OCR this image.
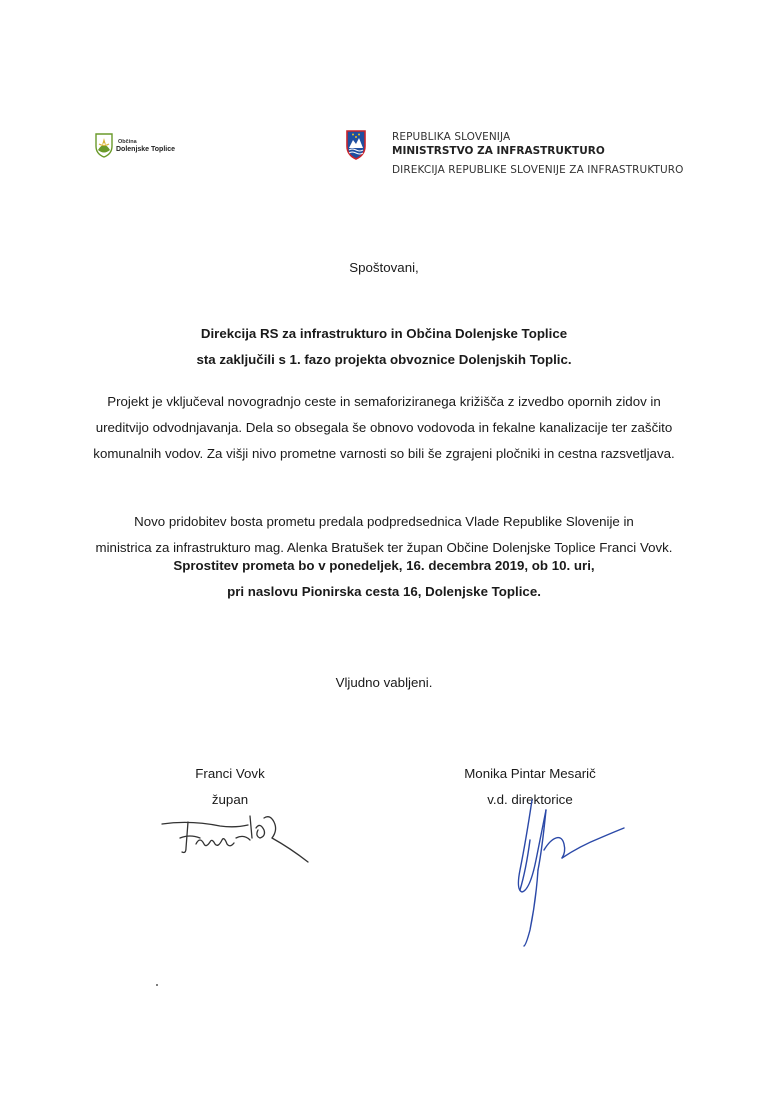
Občina
Dolenjske Toplice
REPUBLIKA SLOVENIJA
MINISTRSTVO ZA INFRASTRUKTURO
DIREKCIJA REPUBLIKE SLOVENIJE ZA INFRASTRUKTURO
Spoštovani,
Direkcija RS za infrastrukturo in Občina Dolenjske Toplice
sta zaključili s 1. fazo projekta obvoznice Dolenjskih Toplic.
Projekt je vključeval novogradnjo ceste in semaforiziranega križišča z izvedbo opornih zidov in
ureditvijo odvodnjavanja. Dela so obsegala še obnovo vodovoda in fekalne kanalizacije ter zaščito
komunalnih vodov. Za višji nivo prometne varnosti so bili še zgrajeni pločniki in cestna razsvetljava.
Novo pridobitev bosta prometu predala podpredsednica Vlade Republike Slovenije in
ministrica za infrastrukturo mag. Alenka Bratušek ter župan Občine Dolenjske Toplice Franci Vovk.
Sprostitev prometa bo v ponedeljek, 16. decembra 2019, ob 10. uri,
pri naslovu Pionirska cesta 16, Dolenjske Toplice.
Vljudno vabljeni.
Franci Vovk
župan
Monika Pintar Mesarič
v.d. direktorice
